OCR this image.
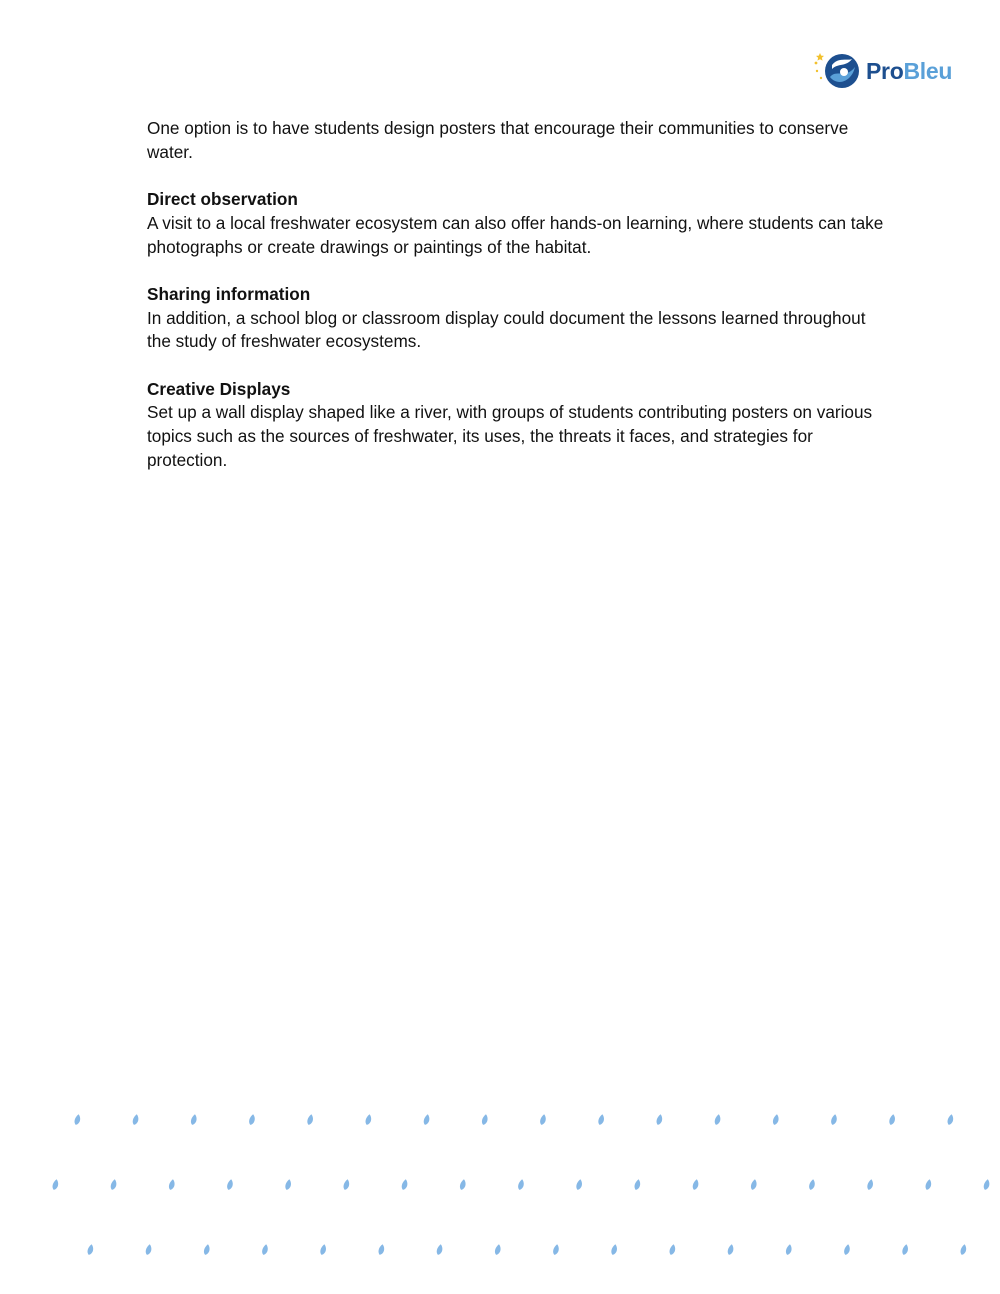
ProBleu

One option is to have students design posters that encourage their communities to conserve water.

Direct observation

A visit to a local freshwater ecosystem can also offer hands-on learning, where students can take photographs or create drawings or paintings of the habitat.

Sharing information

In addition, a school blog or classroom display could document the lessons learned throughout the study of freshwater ecosystems.

Creative Displays

Set up a wall display shaped like a river, with groups of students contributing posters on various topics such as the sources of freshwater, its uses, the threats it faces, and strategies for protection.
